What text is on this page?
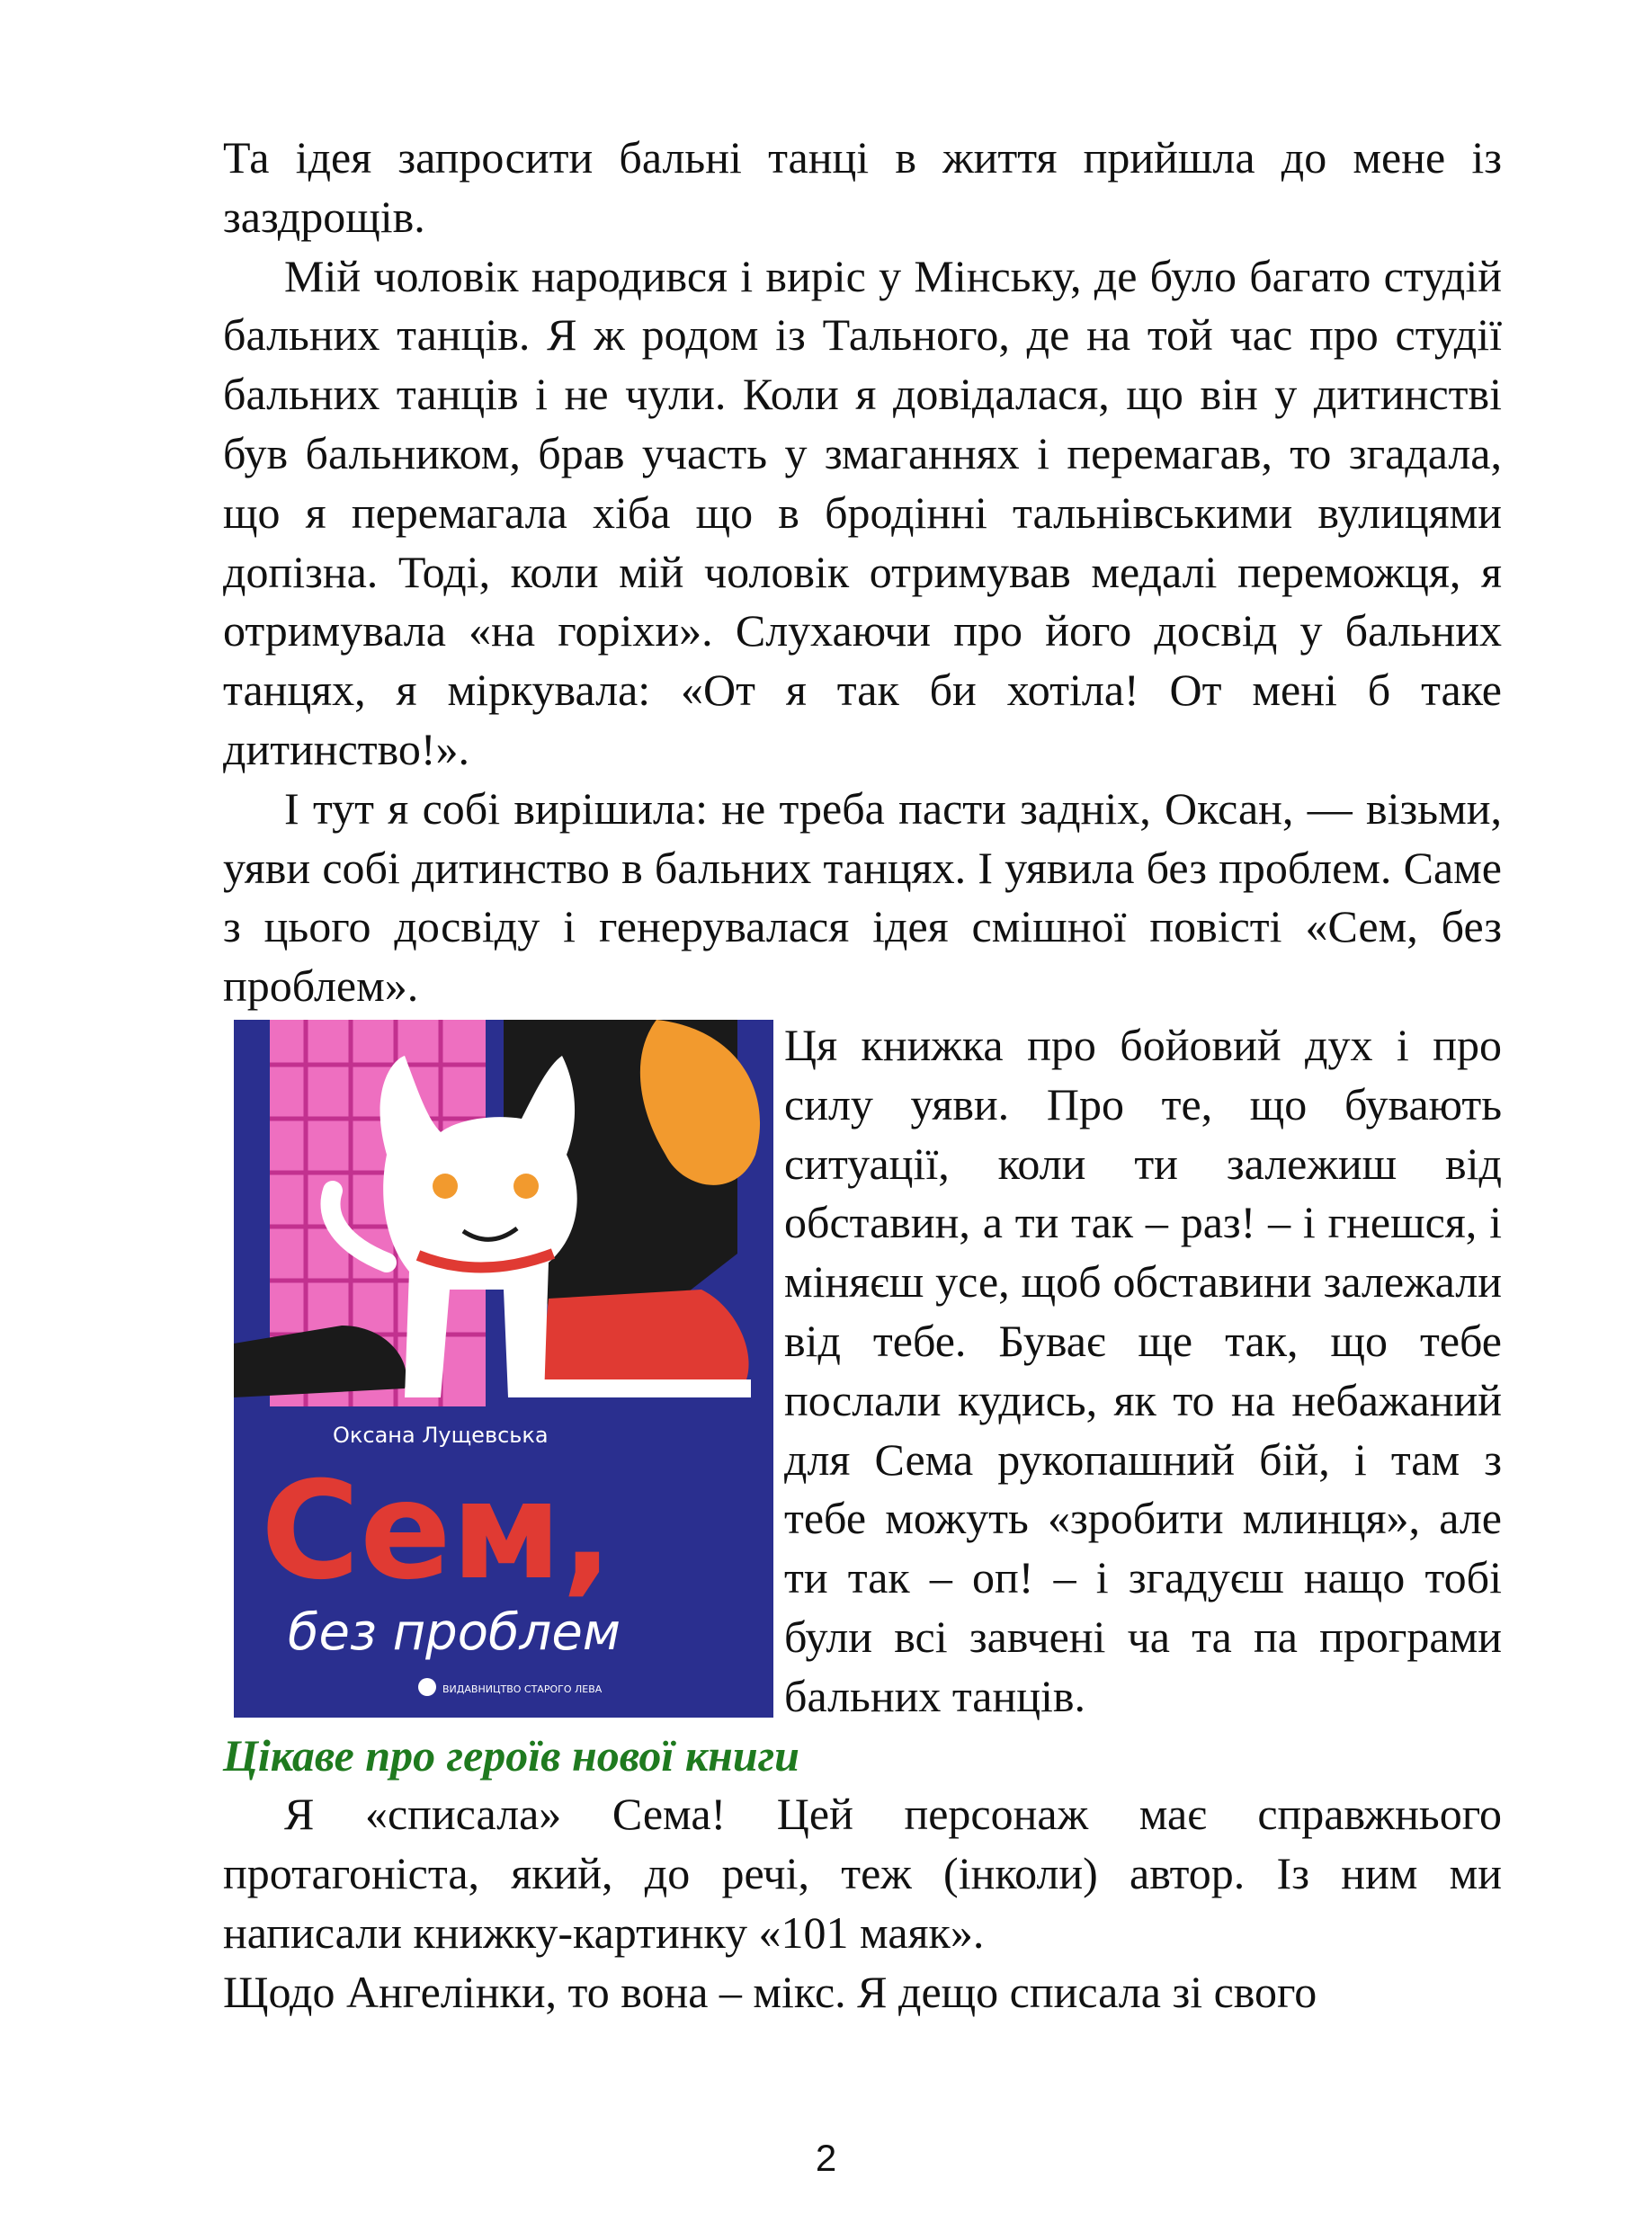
Та ідея запросити бальні танці в життя прийшла до мене із заздрощів.

Мій чоловік народився і виріс у Мінську, де було багато студій бальних танців. Я ж родом із Тального, де на той час про студії бальних танців і не чули. Коли я довідалася, що він у дитинстві був бальником, брав участь у змаганнях і перемагав, то згадала, що я перемагала хіба що в бродінні тальнівськими вулицями допізна. Тоді, коли мій чоловік отримував медалі переможця, я отримувала «на горіхи». Слухаючи про його досвід у бальних танцях, я міркувала: «От я так би хотіла! От мені б таке дитинство!».

І тут я собі вирішила: не треба пасти задніх, Оксан, — візьми, уяви собі дитинство в бальних танцях. І уявила без проблем. Саме з цього досвіду і генерувалася ідея смішної повісті «Сем, без проблем».

Оксана Лущевська
Сем,
без проблем
ВИДАВНИЦТВО СТАРОГО ЛЕВА

Ця книжка про бойовий дух і про силу уяви. Про те, що бувають ситуації, коли ти залежиш від обставин, а ти так – раз! – і гнешся, і міняєш усе, щоб обставини залежали від тебе. Буває ще так, що тебе послали кудись, як то на небажаний для Сема рукопашний бій, і там з тебе можуть «зробити млинця», але ти так – оп! – і згадуєш нащо тобі були всі завчені ча та па програми бальних танців.

Цікаве про героїв нової книги

Я «списала» Сема! Цей персонаж має справжнього протагоніста, який, до речі, теж (інколи) автор. Із ним ми написали книжку-картинку «101 маяк».

Щодо Ангелінки, то вона – мікс. Я дещо списала зі свого

2
